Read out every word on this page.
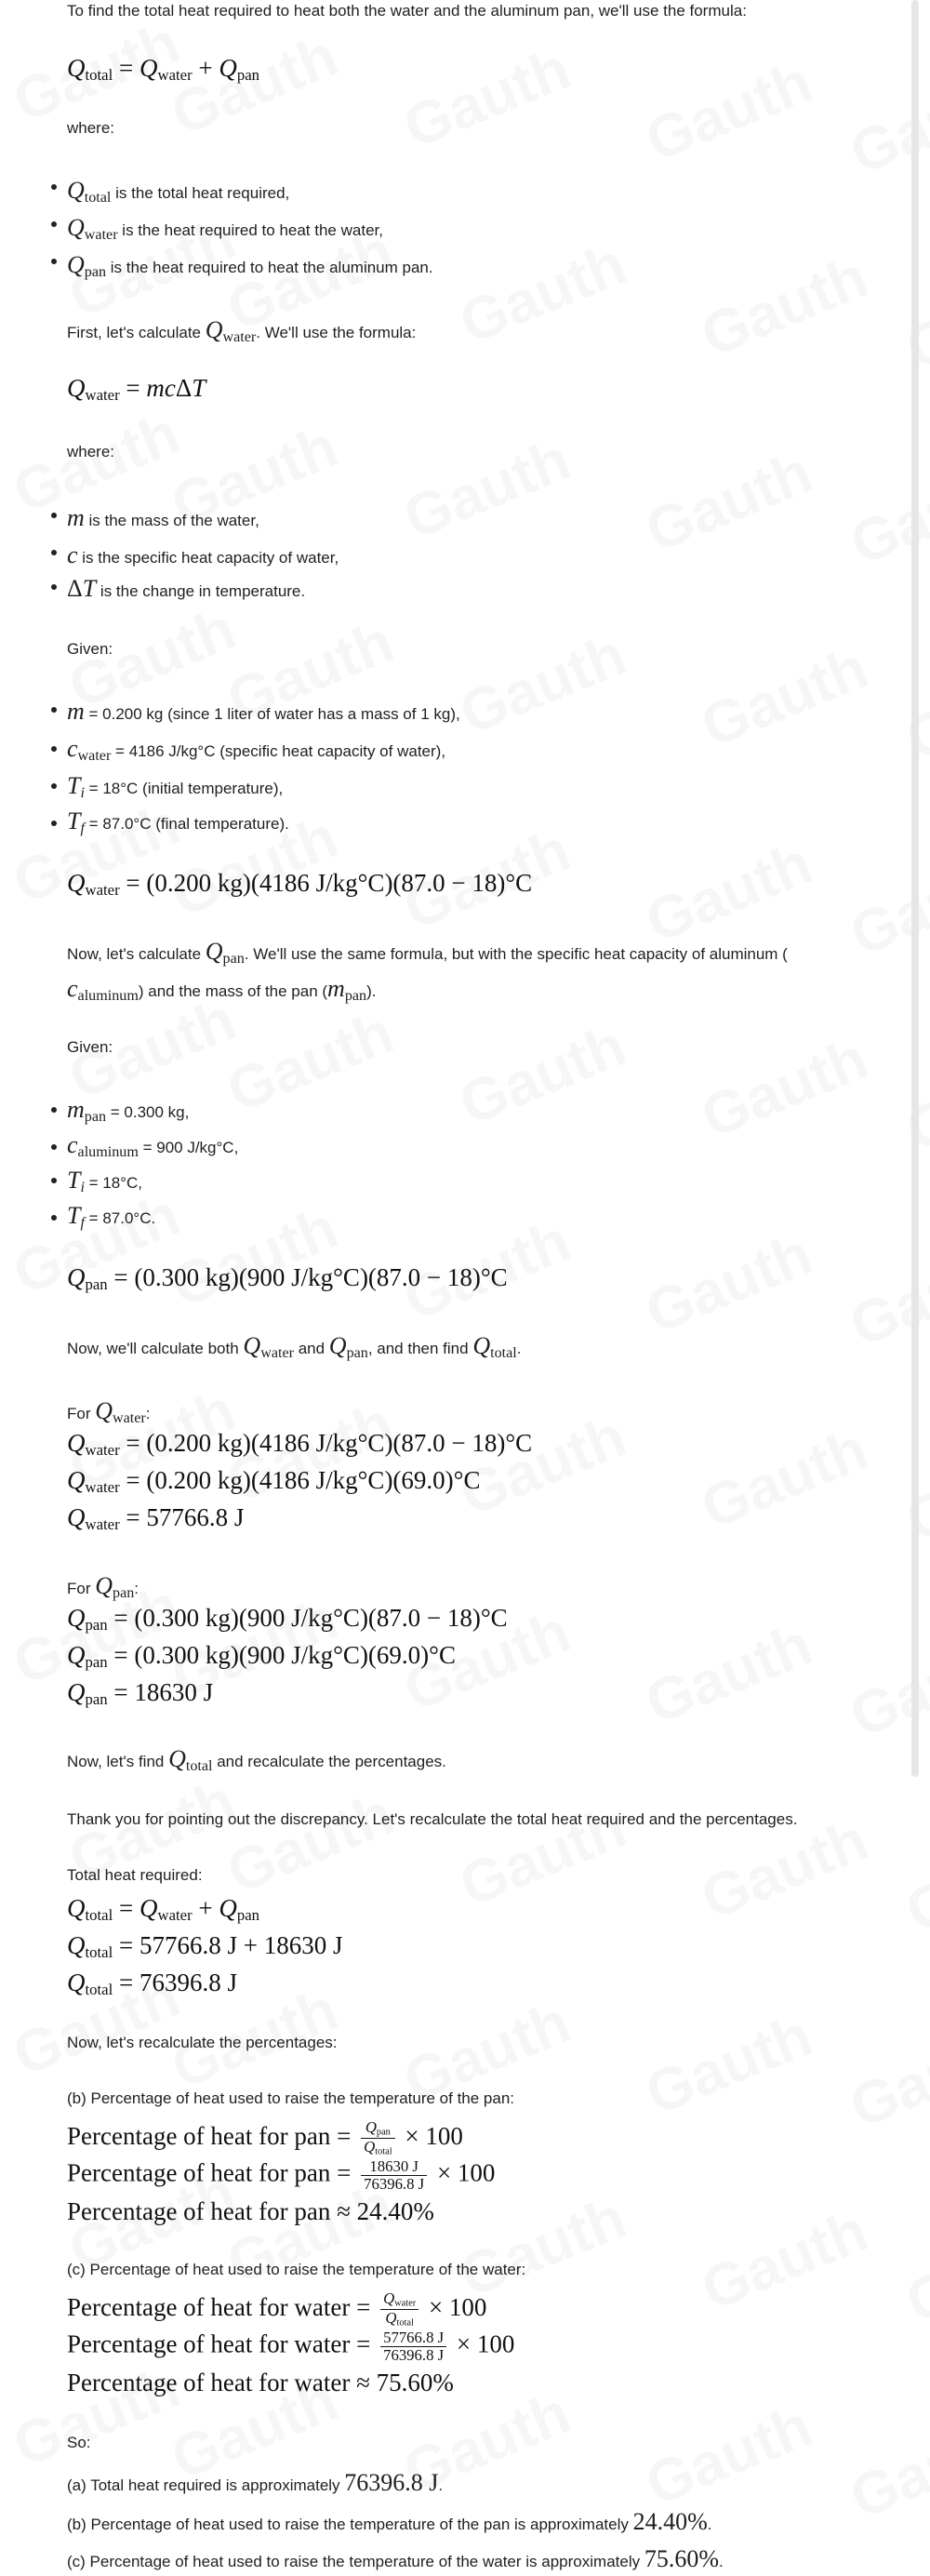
To find the total heat required to heat both the water and the aluminum pan, we'll use the formula:
$Q_{total} = Q_{water} + Q_{pan}$
where:
$Q_{total}$ is the total heat required,
$Q_{water}$ is the heat required to heat the water,
$Q_{pan}$ is the heat required to heat the aluminum pan.
First, let's calculate $Q_{water}$. We'll use the formula:
$Q_{water} = mc\Delta T$
where:
m is the mass of the water,
c is the specific heat capacity of water,
ΔT is the change in temperature.
Given:
m = 0.200 kg (since 1 liter of water has a mass of 1 kg),
$c_{water} = 4186$ J/kg°C (specific heat capacity of water),
$T_i = 18^\circ C$ (initial temperature),
$T_f = 87.0^\circ C$ (final temperature).
$Q_{water} = (0.200$ kg)(4186 J/kg°C)(87.0 − 18)°C
Now, let's calculate $Q_{pan}$. We'll use the same formula, but with the specific heat capacity of aluminum (
$c_{aluminum}$) and the mass of the pan $(m_{pan})$.
Given:
$m_{pan} = 0.300$ kg,
$c_{aluminum} = 900$ J/kg°C,
$T_i = 18^\circ C$,
$T_f = 87.0^\circ C$.
$Q_{pan} = (0.300$ kg)(900 J/kg°C)(87.0 − 18)°C
Now, we'll calculate both $Q_{water}$ and $Q_{pan}$, and then find $Q_{total}$.
For $Q_{water}$:
$Q_{water} = (0.200$ kg)(4186 J/kg°C)(87.0 − 18)°C
$Q_{water} = (0.200$ kg)(4186 J/kg°C)(69.0)°C
$Q_{water} = 57766.8$ J
For $Q_{pan}$:
$Q_{pan} = (0.300$ kg)(900 J/kg°C)(87.0 − 18)°C
$Q_{pan} = (0.300$ kg)(900 J/kg°C)(69.0)°C
$Q_{pan} = 18630$ J
Now, let's find $Q_{total}$ and recalculate the percentages.
Thank you for pointing out the discrepancy. Let's recalculate the total heat required and the percentages.
Total heat required:
$Q_{total} = Q_{water} + Q_{pan}$
$Q_{total} = 57766.8$ J + 18630 J
$Q_{total} = 76396.8$ J
Now, let's recalculate the percentages:
(b) Percentage of heat used to raise the temperature of the pan:
Percentage of heat for pan = $\frac{Q_{pan}}{Q_{total}} \times 100$
Percentage of heat for pan = $\frac{18630 J}{76396.8 J} \times 100$
Percentage of heat for pan ≈ 24.40%
(c) Percentage of heat used to raise the temperature of the water:
Percentage of heat for water = $\frac{Q_{water}}{Q_{total}} \times 100$
Percentage of heat for water = $\frac{57766.8 J}{76396.8 J} \times 100$
Percentage of heat for water ≈ 75.60%
So:
(a) Total heat required is approximately 76396.8 J.
(b) Percentage of heat used to raise the temperature of the pan is approximately 24.40%.
(c) Percentage of heat used to raise the temperature of the water is approximately 75.60%.
